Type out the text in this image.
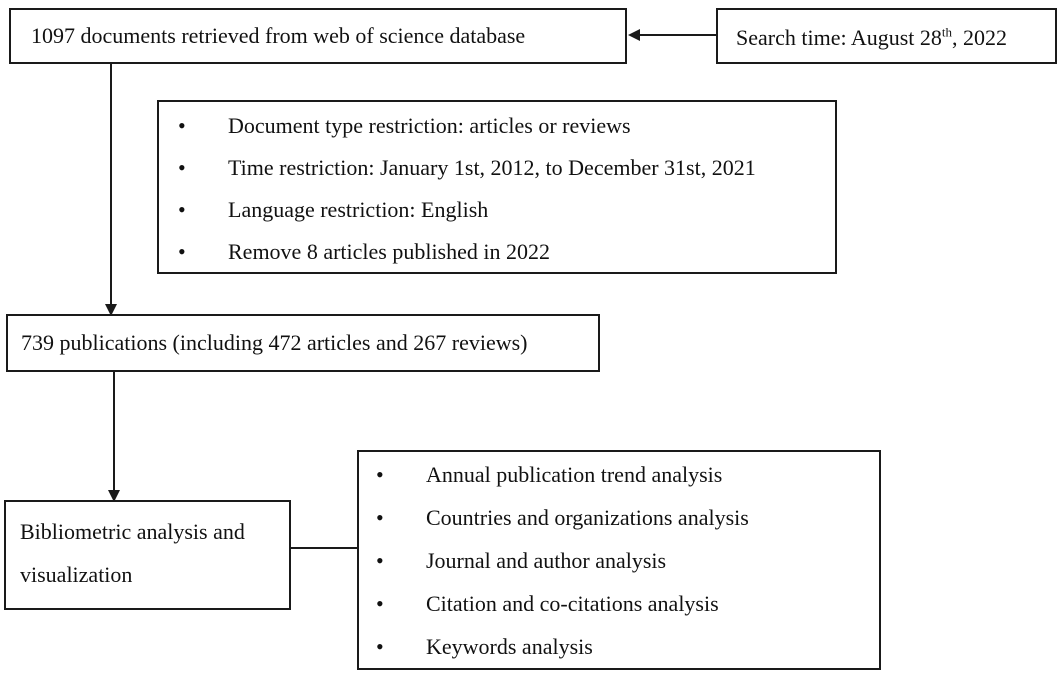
1097 documents retrieved from web of science database	Search time: August 28th, 2022
• Document type restriction: articles or reviews
• Time restriction: January 1st, 2012, to December 31st, 2021
• Language restriction: English
• Remove 8 articles published in 2022
739 publications (including 472 articles and 267 reviews)
Bibliometric analysis and
visualization
• Annual publication trend analysis
• Countries and organizations analysis
• Journal and author analysis
• Citation and co-citations analysis
• Keywords analysis
